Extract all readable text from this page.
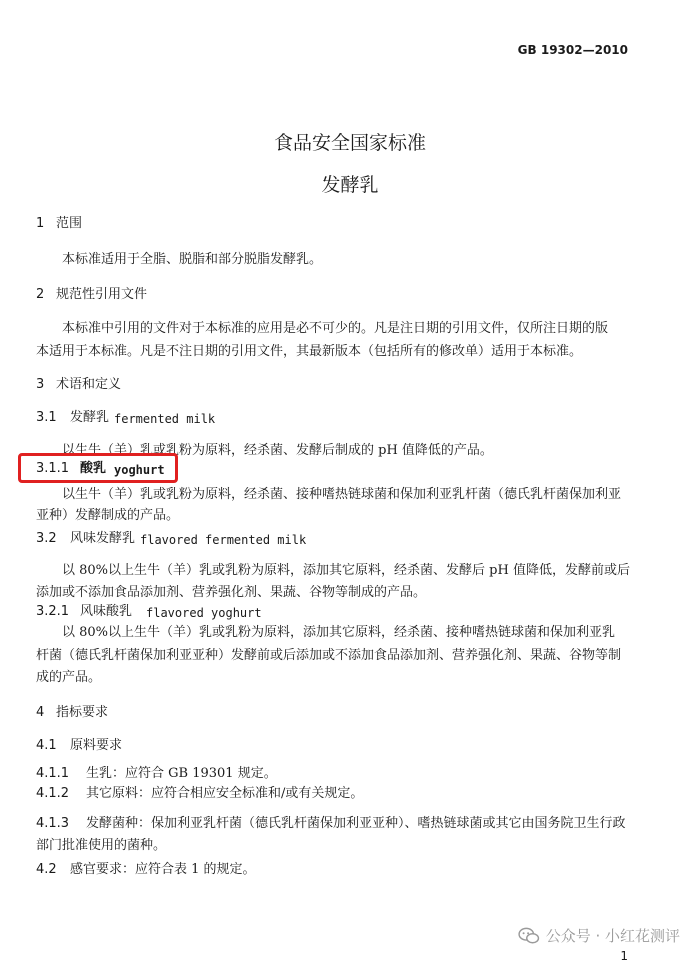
GB 19302—2010
食品安全国家标准
发酵乳
1 范围
本标准适用于全脂、脱脂和部分脱脂发酵乳。
2 规范性引用文件
本标准中引用的文件对于本标准的应用是必不可少的。凡是注日期的引用文件，仅所注日期的版
本适用于本标准。凡是不注日期的引用文件，其最新版本（包括所有的修改单）适用于本标准。
3 术语和定义
3.1 发酵乳 fermented milk
以生牛（羊）乳或乳粉为原料，经杀菌、发酵后制成的 pH 值降低的产品。
3.1.1 酸乳 yoghurt
以生牛（羊）乳或乳粉为原料，经杀菌、接种嗜热链球菌和保加利亚乳杆菌（德氏乳杆菌保加利亚
亚种）发酵制成的产品。
3.2 风味发酵乳 flavored fermented milk
以 80%以上生牛（羊）乳或乳粉为原料，添加其它原料，经杀菌、发酵后 pH 值降低，发酵前或后
添加或不添加食品添加剂、营养强化剂、果蔬、谷物等制成的产品。
3.2.1 风味酸乳 flavored yoghurt
以 80%以上生牛（羊）乳或乳粉为原料，添加其它原料，经杀菌、接种嗜热链球菌和保加利亚乳
杆菌（德氏乳杆菌保加利亚亚种）发酵前或后添加或不添加食品添加剂、营养强化剂、果蔬、谷物等制
成的产品。
4 指标要求
4.1 原料要求
4.1.1 生乳：应符合 GB 19301 规定。
4.1.2 其它原料：应符合相应安全标准和/或有关规定。
4.1.3 发酵菌种：保加利亚乳杆菌（德氏乳杆菌保加利亚亚种）、嗜热链球菌或其它由国务院卫生行政
部门批准使用的菌种。
4.2 感官要求：应符合表 1 的规定。
公众号 · 小红花测评
1
